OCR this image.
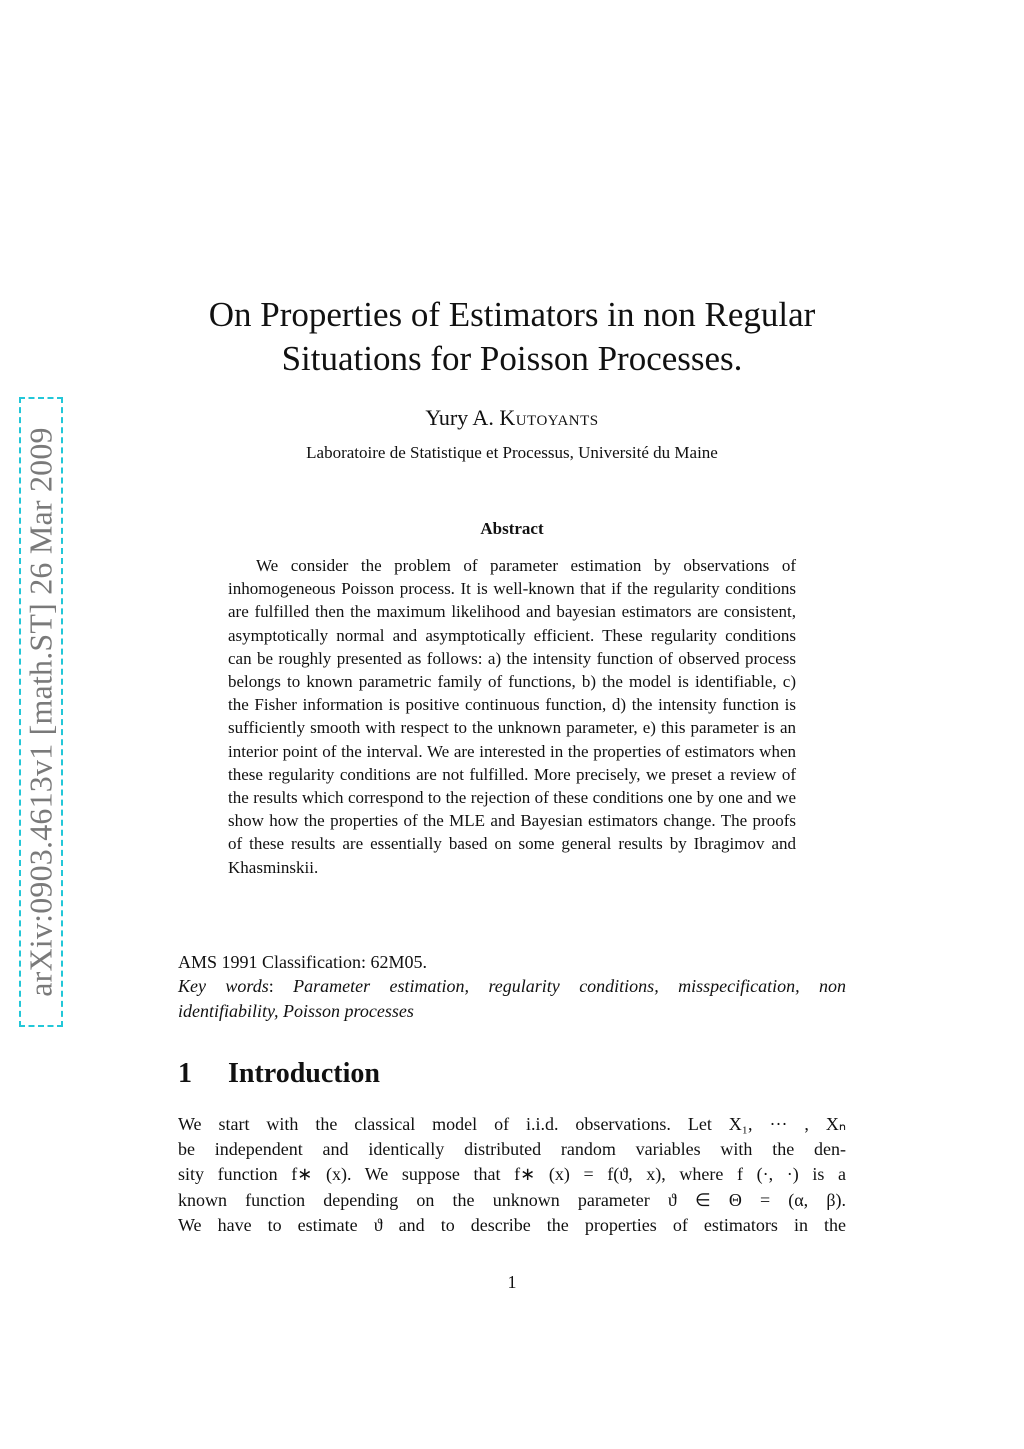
arXiv:0903.4613v1 [math.ST] 26 Mar 2009
On Properties of Estimators in non Regular
Situations for Poisson Processes.
Yury A. Kutoyants
Laboratoire de Statistique et Processus, Université du Maine
Abstract

We consider the problem of parameter estimation by observations of inhomogeneous Poisson process. It is well-known that if the regularity conditions are fulfilled then the maximum likelihood and bayesian estimators are consistent, asymptotically normal and asymptotically efficient. These regularity conditions can be roughly presented as follows: a) the intensity function of observed process belongs to known parametric family of functions, b) the model is identifiable, c) the Fisher information is positive continuous function, d) the intensity function is sufficiently smooth with respect to the unknown parameter, e) this parameter is an interior point of the interval. We are interested in the properties of estimators when these regularity conditions are not fulfilled. More precisely, we preset a review of the results which correspond to the rejection of these conditions one by one and we show how the properties of the MLE and Bayesian estimators change. The proofs of these results are essentially based on some general results by Ibragimov and Khasminskii.

AMS 1991 Classification: 62M05.
Key words: Parameter estimation, regularity conditions, misspecification, non identifiability, Poisson processes
1 Introduction
We start with the classical model of i.i.d. observations. Let X₁, ··· , Xₙ
be independent and identically distributed random variables with the den-
sity function f∗ (x). We suppose that f∗ (x) = f(ϑ, x), where f (·, ·) is a
known function depending on the unknown parameter ϑ ∈ Θ = (α, β).
We have to estimate ϑ and to describe the properties of estimators in the
1
